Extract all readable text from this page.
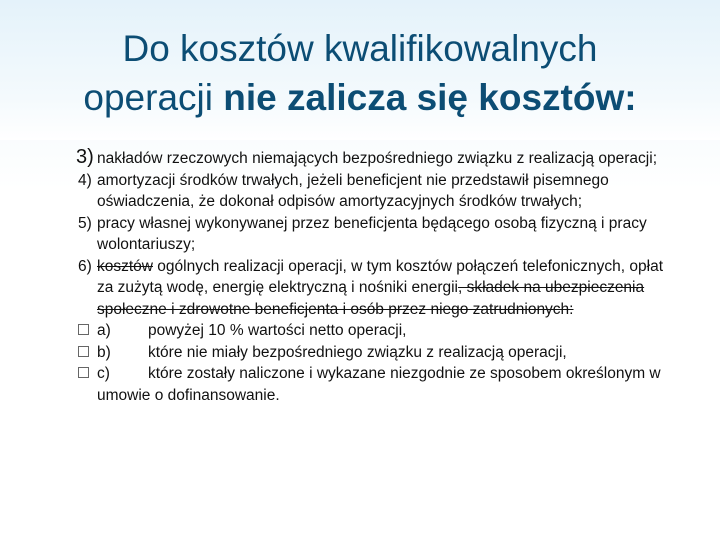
Do kosztów kwalifikowalnych
operacji nie zalicza się kosztów:
3) nakładów rzeczowych niemających bezpośredniego związku z realizacją operacji;
4) amortyzacji środków trwałych, jeżeli beneficjent nie przedstawił pisemnego oświadczenia, że dokonał odpisów amortyzacyjnych środków trwałych;
5) pracy własnej wykonywanej przez beneficjenta będącego osobą fizyczną i pracy wolontariuszy;
6) kosztów ogólnych realizacji operacji, w tym kosztów połączeń telefonicznych, opłat za zużytą wodę, energię elektryczną i nośniki energii, składek na ubezpieczenia społeczne i zdrowotne beneficjenta i osób przez niego zatrudnionych:
a) powyżej 10 % wartości netto operacji,
b) które nie miały bezpośredniego związku z realizacją operacji,
c) które zostały naliczone i wykazane niezgodnie ze sposobem określonym w umowie o dofinansowanie.
